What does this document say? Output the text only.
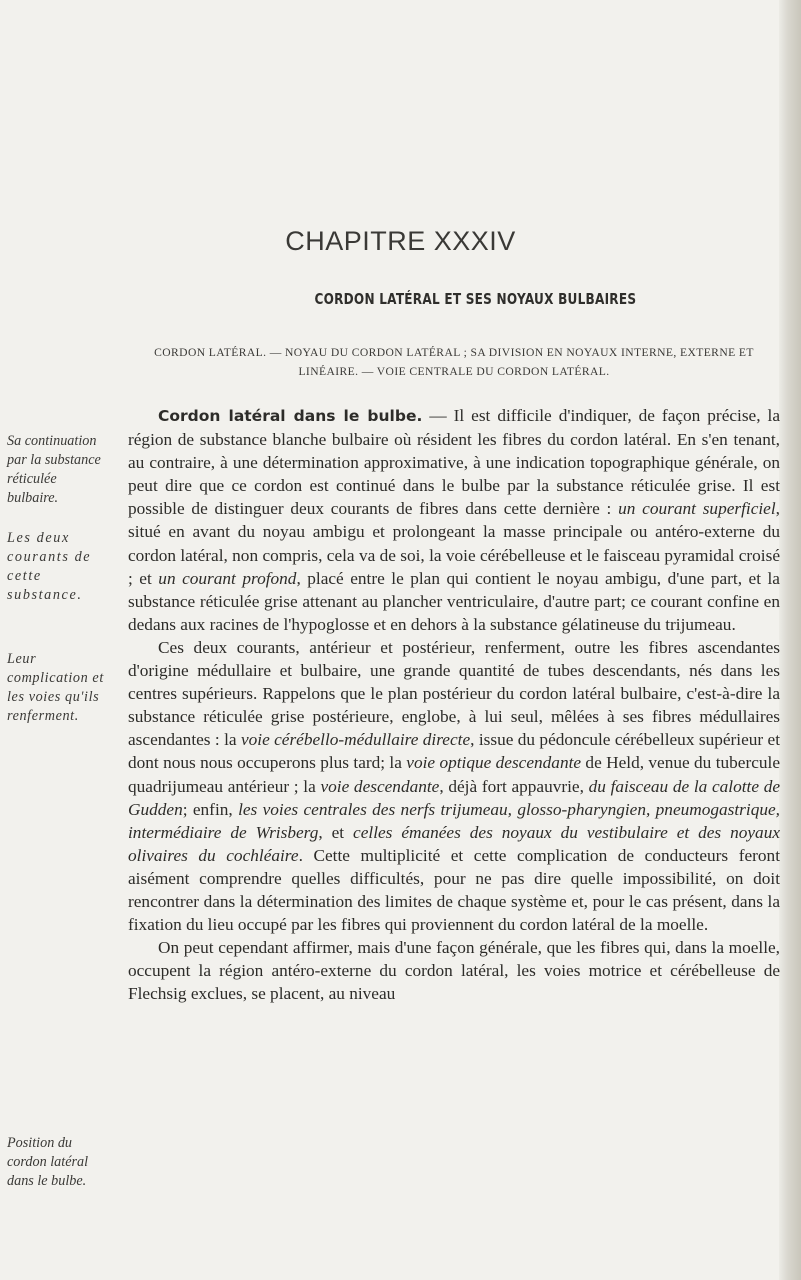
CHAPITRE XXXIV
CORDON LATÉRAL ET SES NOYAUX BULBAIRES
CORDON LATÉRAL. — NOYAU DU CORDON LATÉRAL ; SA DIVISION EN NOYAUX INTERNE, EXTERNE ET LINÉAIRE. — VOIE CENTRALE DU CORDON LATÉRAL.
Sa continuation par la substance réticulée bulbaire.
Les deux courants de cette substance.
Leur complication et les voies qu'ils renferment.
Position du cordon latéral dans le bulbe.

Cordon latéral dans le bulbe. — Il est difficile d'indiquer, de façon précise, la région de substance blanche bulbaire où résident les fibres du cordon latéral. En s'en tenant, au contraire, à une détermination approximative, à une indication topographique générale, on peut dire que ce cordon est continué dans le bulbe par la substance réticulée grise. Il est possible de distinguer deux courants de fibres dans cette dernière : un courant superficiel, situé en avant du noyau ambigu et prolongeant la masse principale ou antéro-externe du cordon latéral, non compris, cela va de soi, la voie cérébelleuse et le faisceau pyramidal croisé ; et un courant profond, placé entre le plan qui contient le noyau ambigu, d'une part, et la substance réticulée grise attenant au plancher ventriculaire, d'autre part; ce courant confine en dedans aux racines de l'hypoglosse et en dehors à la substance gélatineuse du trijumeau.

Ces deux courants, antérieur et postérieur, renferment, outre les fibres ascendantes d'origine médullaire et bulbaire, une grande quantité de tubes descendants, nés dans les centres supérieurs. Rappelons que le plan postérieur du cordon latéral bulbaire, c'est-à-dire la substance réticulée grise postérieure, englobe, à lui seul, mêlées à ses fibres médullaires ascendantes : la voie cérébello-médullaire directe, issue du pédoncule cérébelleux supérieur et dont nous nous occuperons plus tard; la voie optique descendante de Held, venue du tubercule quadrijumeau antérieur ; la voie descendante, déjà fort appauvrie, du faisceau de la calotte de Gudden; enfin, les voies centrales des nerfs trijumeau, glosso-pharyngien, pneumogastrique, intermédiaire de Wrisberg, et celles émanées des noyaux du vestibulaire et des noyaux olivaires du cochléaire. Cette multiplicité et cette complication de conducteurs feront aisément comprendre quelles difficultés, pour ne pas dire quelle impossibilité, on doit rencontrer dans la détermination des limites de chaque système et, pour le cas présent, dans la fixation du lieu occupé par les fibres qui proviennent du cordon latéral de la moelle.

On peut cependant affirmer, mais d'une façon générale, que les fibres qui, dans la moelle, occupent la région antéro-externe du cordon latéral, les voies motrice et cérébelleuse de Flechsig exclues, se placent, au niveau
